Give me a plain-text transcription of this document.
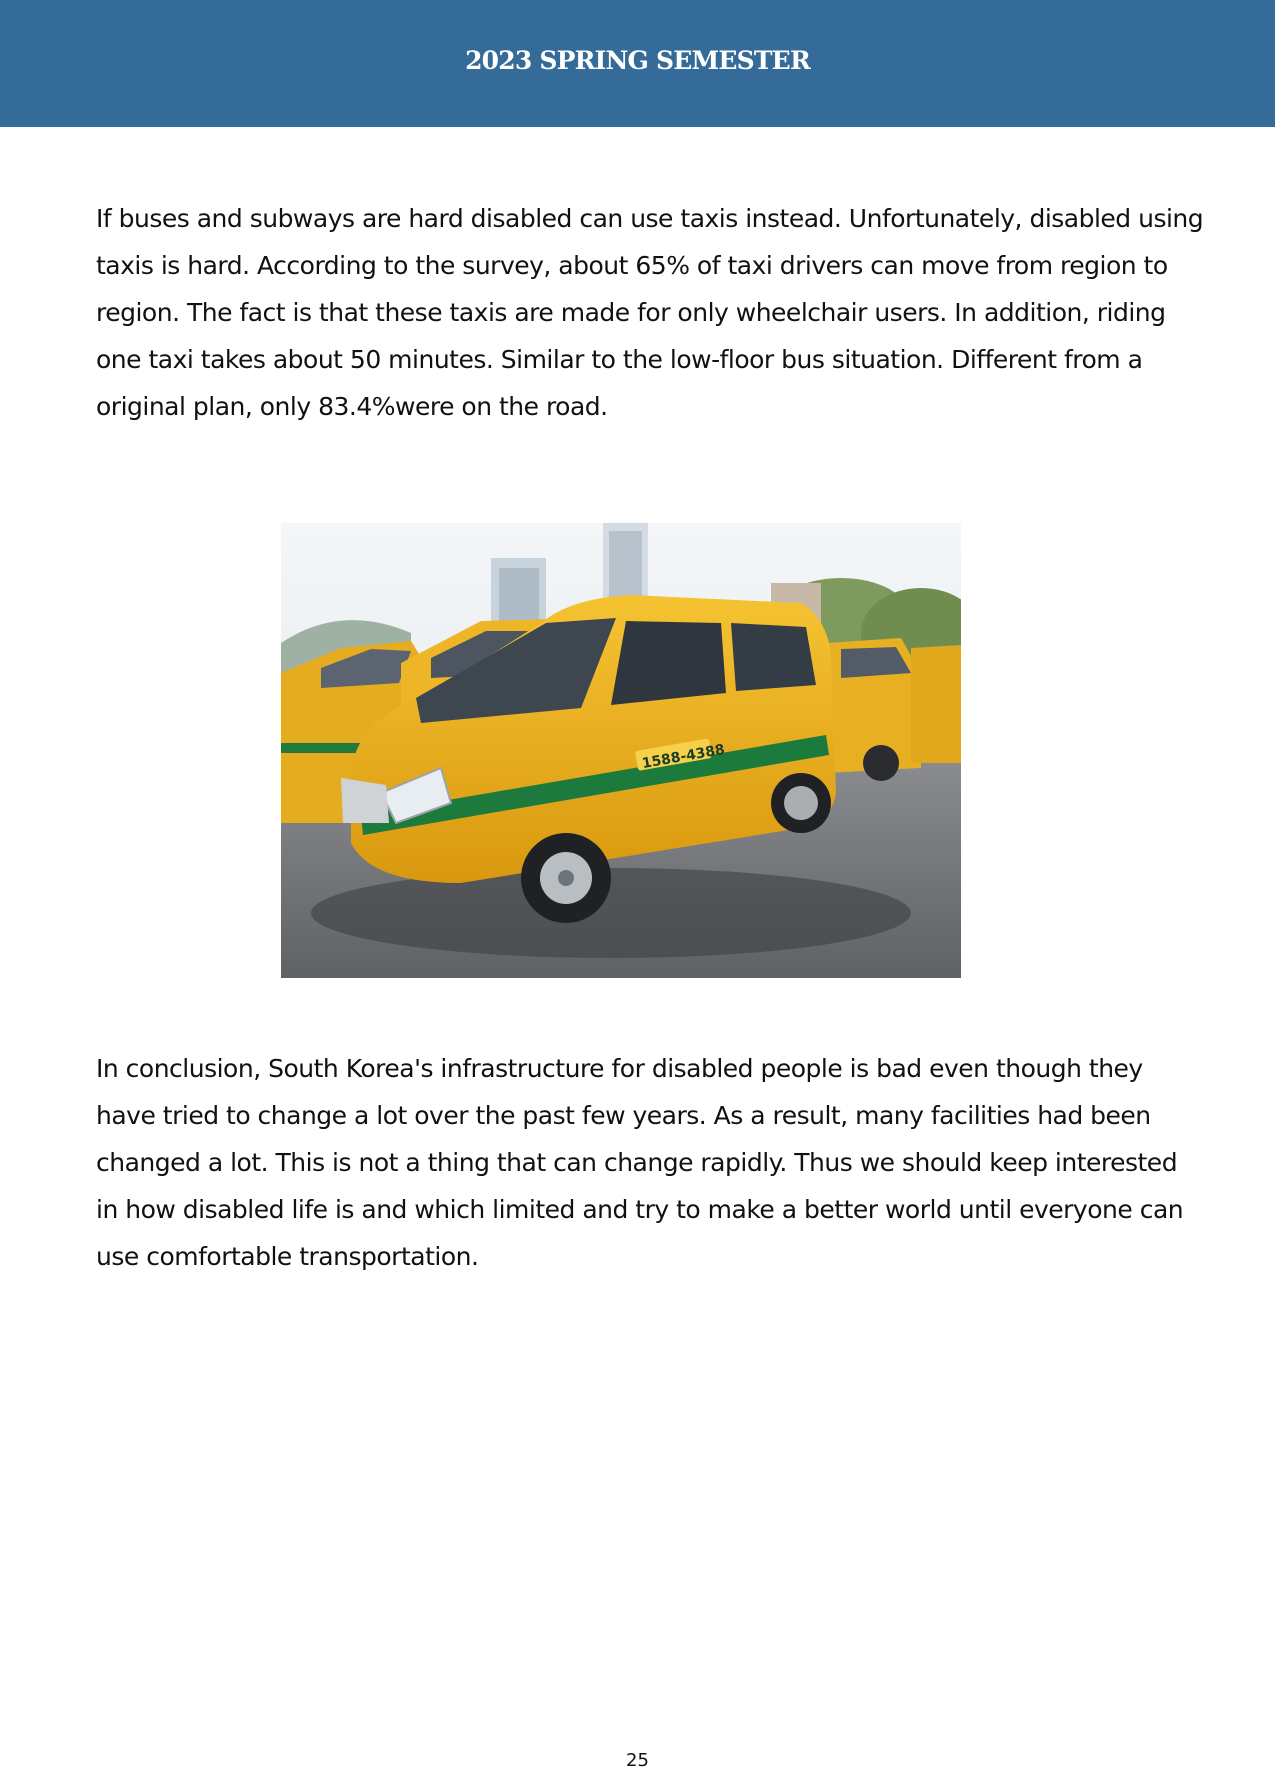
2023 SPRING SEMESTER

If buses and subways are hard disabled can use taxis instead. Unfortunately, disabled using taxis is hard. According to the survey, about 65% of taxi drivers can move from region to region. The fact is that these taxis are made for only wheelchair users. In addition, riding one taxi takes about 50 minutes. Similar to the low-floor bus situation. Different from a original plan, only 83.4%were on the road.

1588-4388

In conclusion, South Korea's infrastructure for disabled people is bad even though they have tried to change a lot over the past few years. As a result, many facilities had been changed a lot. This is not a thing that can change rapidly. Thus we should keep interested in how disabled life is and which limited and try to make a better world until everyone can use comfortable transportation.

25
